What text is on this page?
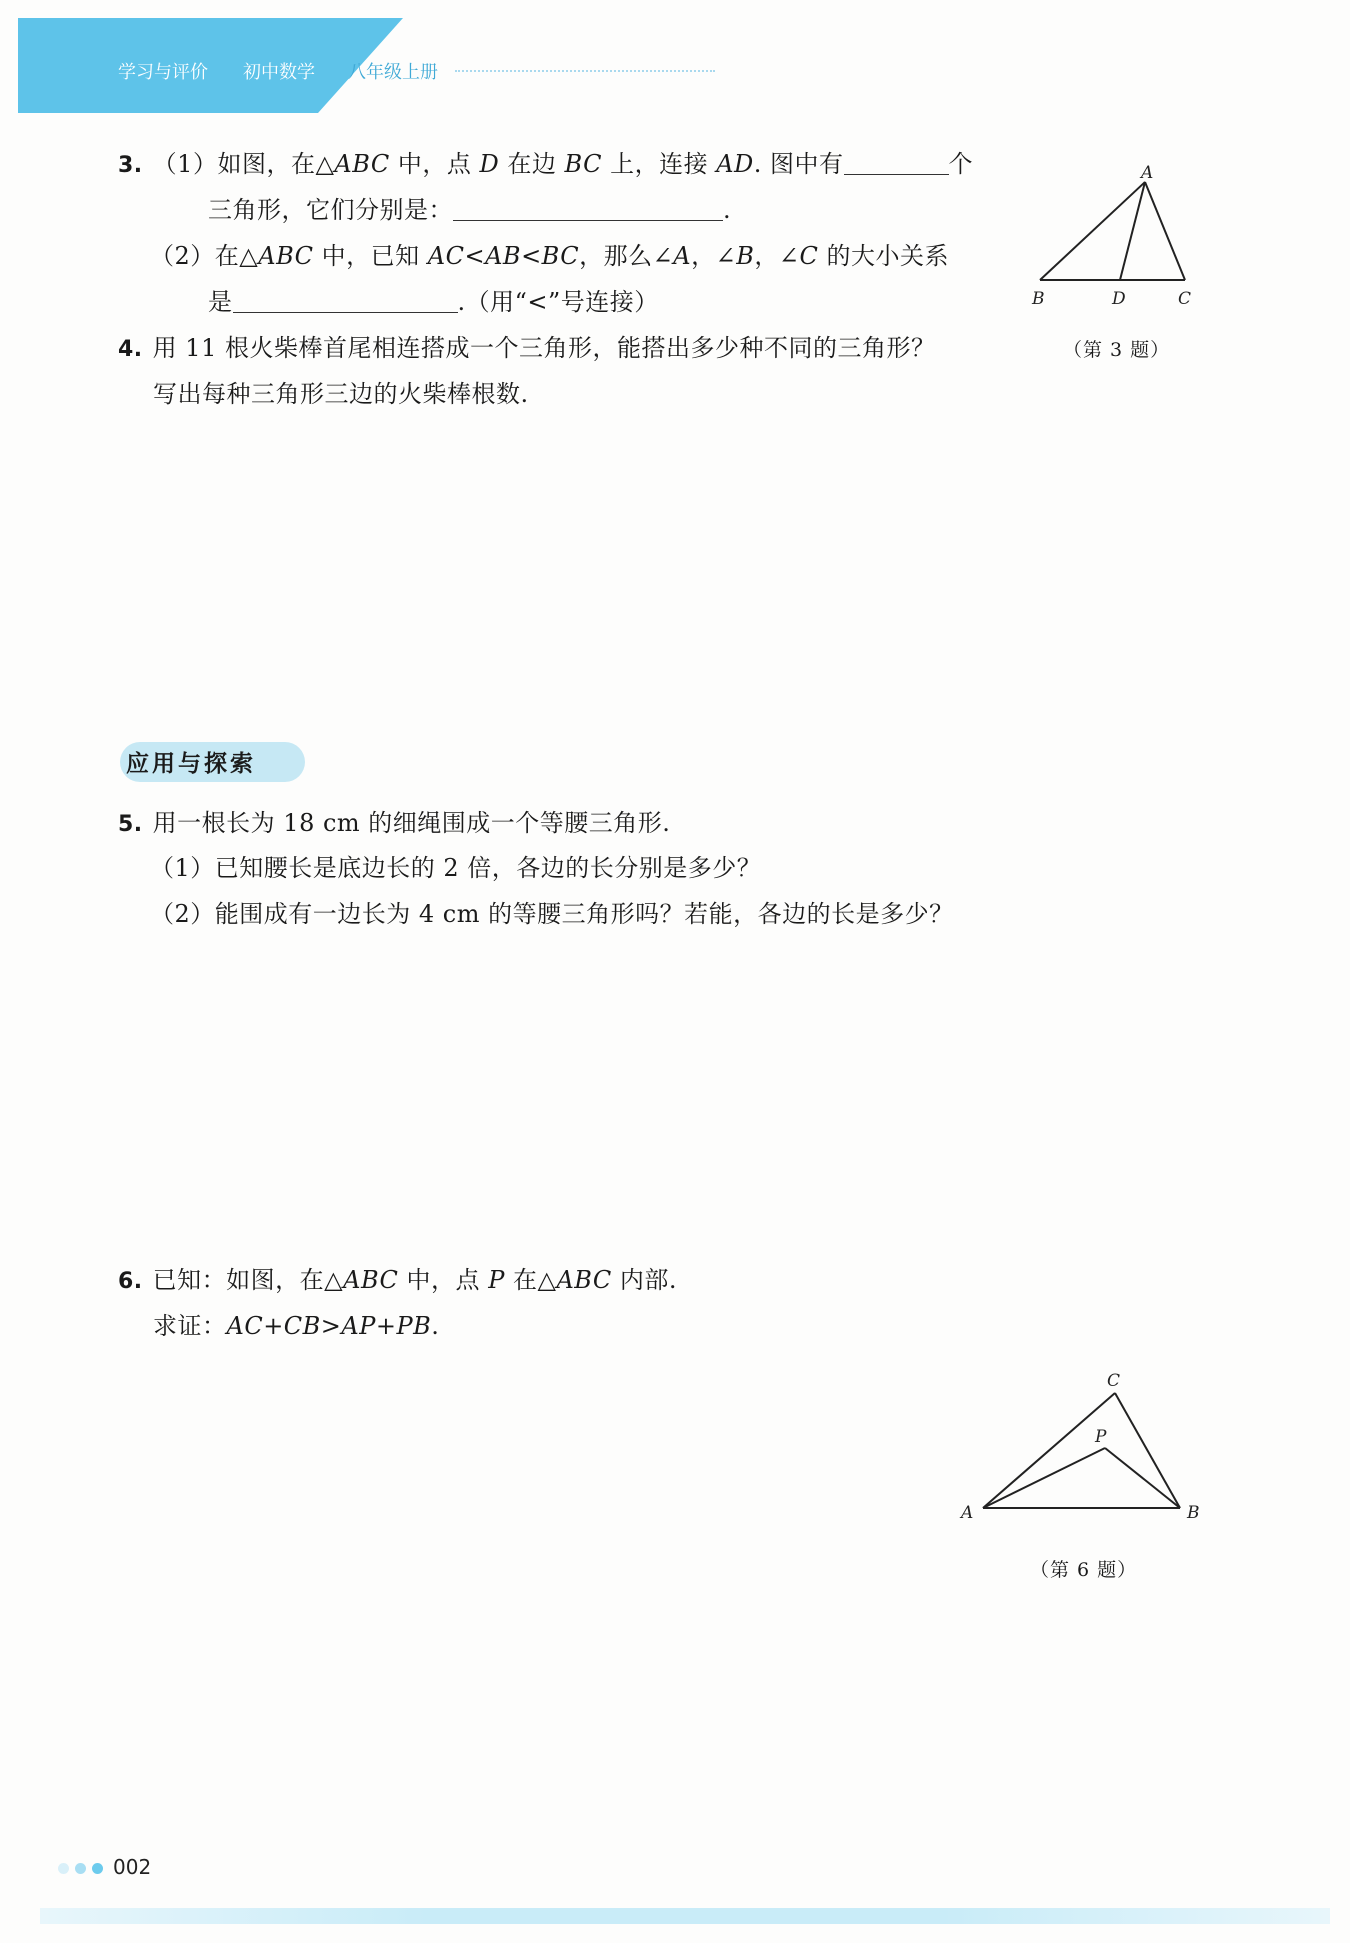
学习与评价 初中数学 八年级上册
3. （1）如图，在△ABC 中，点 D 在边 BC 上，连接 AD. 图中有	个
三角形，它们分别是：	.
（2）在△ABC 中，已知 AC<AB<BC，那么∠A，∠B，∠C 的大小关系
是	.（用“<”号连接）
A
B	D	C
（第 3 题）
4. 用 11 根火柴棒首尾相连搭成一个三角形，能搭出多少种不同的三角形？
写出每种三角形三边的火柴棒根数.
应用与探索
5. 用一根长为 18 cm 的细绳围成一个等腰三角形.
（1）已知腰长是底边长的 2 倍，各边的长分别是多少？
（2）能围成有一边长为 4 cm 的等腰三角形吗？若能，各边的长是多少？
6. 已知：如图，在△ABC 中，点 P 在△ABC 内部.
求证：AC+CB>AP+PB.
C
P
A	B
（第 6 题）
002
